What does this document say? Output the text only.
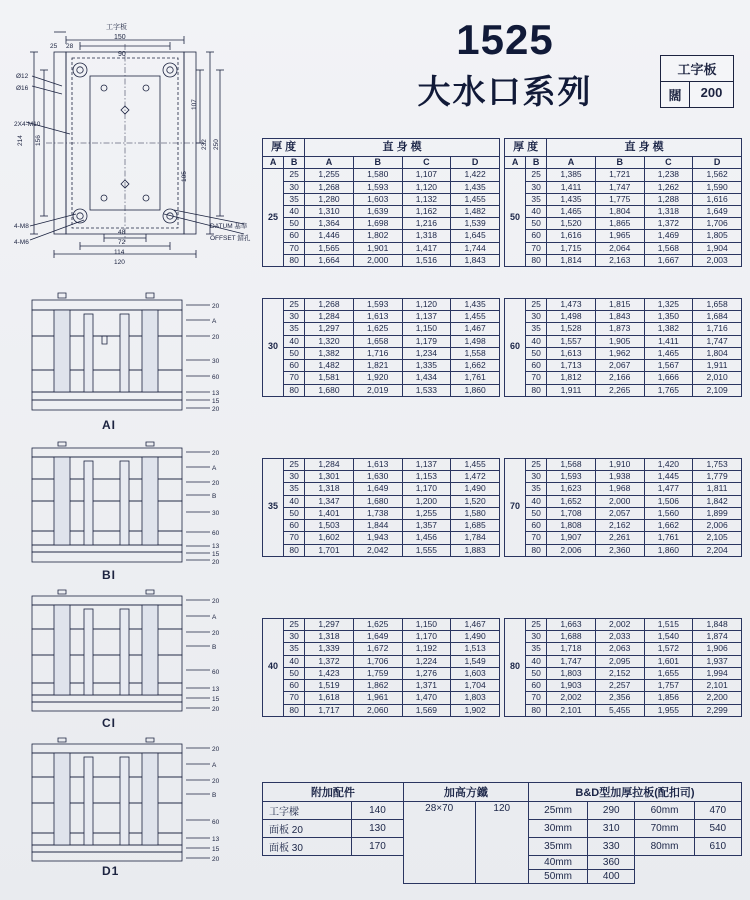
1525
大水口系列
工字板
闊	200
工字板
150
90
25 28
Ø12
Ø16
2X4-M10
4-M8
4-M6
214 156
107
232 250
105
48
72
114
120
DATUM 基準
OFFSET 錯孔
20
A
20
30
60
13
15
20
AI
20
A
20
B
30
60
13
15
20
BI
20
A
20
B
60
13
15
20
CI
20
A
20
B
60
13
15
20
D1
厚 度		直 身 模			
A	B	A	B	C	D
25	25	1,255	1,580	1,107	1,422
	30	1,268	1,593	1,120	1,435
	35	1,280	1,603	1,132	1,455
	40	1,310	1,639	1,162	1,482
	50	1,364	1,698	1,216	1,539
	60	1,446	1,802	1,318	1,645
	70	1,565	1,901	1,417	1,744
	80	1,664	2,000	1,516	1,843
厚 度		直 身 模			
A	B	A	B	C	D
50	25	1,385	1,721	1,238	1,562
	30	1,411	1,747	1,262	1,590
	35	1,435	1,775	1,288	1,616
	40	1,465	1,804	1,318	1,649
	50	1,520	1,865	1,372	1,706
	60	1,616	1,965	1,469	1,805
	70	1,715	2,064	1,568	1,904
	80	1,814	2,163	1,667	2,003
30	25	1,268	1,593	1,120	1,435
	30	1,284	1,613	1,137	1,455
	35	1,297	1,625	1,150	1,467
	40	1,320	1,658	1,179	1,498
	50	1,382	1,716	1,234	1,558
	60	1,482	1,821	1,335	1,662
	70	1,581	1,920	1,434	1,761
	80	1,680	2,019	1,533	1,860
60	25	1,473	1,815	1,325	1,658
	30	1,498	1,843	1,350	1,684
	35	1,528	1,873	1,382	1,716
	40	1,557	1,905	1,411	1,747
	50	1,613	1,962	1,465	1,804
	60	1,713	2,067	1,567	1,911
	70	1,812	2,166	1,666	2,010
	80	1,911	2,265	1,765	2,109
35	25	1,284	1,613	1,137	1,455
	30	1,301	1,630	1,153	1,472
	35	1,318	1,649	1,170	1,490
	40	1,347	1,680	1,200	1,520
	50	1,401	1,738	1,255	1,580
	60	1,503	1,844	1,357	1,685
	70	1,602	1,943	1,456	1,784
	80	1,701	2,042	1,555	1,883
70	25	1,568	1,910	1,420	1,753
	30	1,593	1,938	1,445	1,779
	35	1,623	1,968	1,477	1,811
	40	1,652	2,000	1,506	1,842
	50	1,708	2,057	1,560	1,899
	60	1,808	2,162	1,662	2,006
	70	1,907	2,261	1,761	2,105
	80	2,006	2,360	1,860	2,204
40	25	1,297	1,625	1,150	1,467
	30	1,318	1,649	1,170	1,490
	35	1,339	1,672	1,192	1,513
	40	1,372	1,706	1,224	1,549
	50	1,423	1,759	1,276	1,603
	60	1,519	1,862	1,371	1,704
	70	1,618	1,961	1,470	1,803
	80	1,717	2,060	1,569	1,902
80	25	1,663	2,002	1,515	1,848
	30	1,688	2,033	1,540	1,874
	35	1,718	2,063	1,572	1,906
	40	1,747	2,095	1,601	1,937
	50	1,803	2,152	1,655	1,994
	60	1,903	2,257	1,757	2,101
	70	2,002	2,356	1,856	2,200
	80	2,101	5,455	1,955	2,299
附加配件		加高方鐵		B&D型加厚拉板(配扣司)			
工字樑	140	28×70	120	25mm	290	60mm	470
面板 20	130			30mm	310	70mm	540
面板 30	170			35mm	330	80mm	610
				40mm	360		
				50mm	400		
